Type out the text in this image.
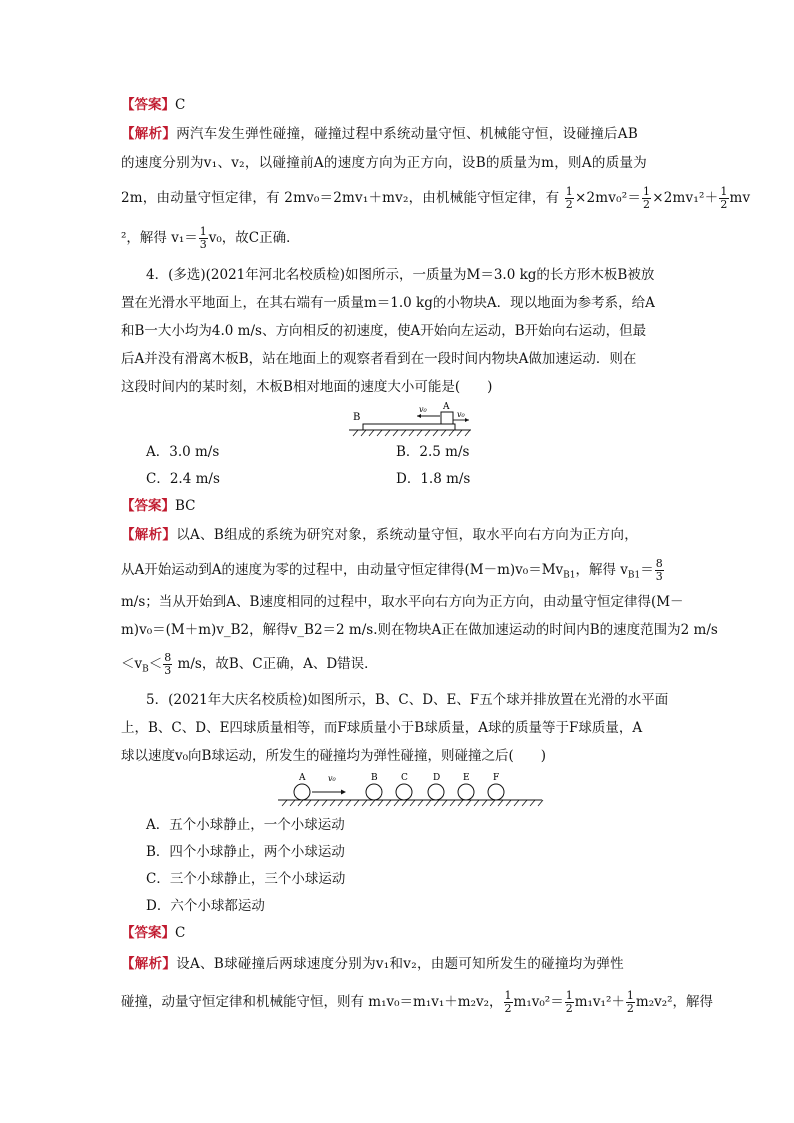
【答案】C
【解析】两汽车发生弹性碰撞，碰撞过程中系统动量守恒、机械能守恒，设碰撞后AB
的速度分别为v₁、v₂，以碰撞前A的速度方向为正方向，设B的质量为m，则A的质量为
2m，由动量守恒定律，有 2mv₀＝2mv₁＋mv₂，由机械能守恒定律，有 $\frac{1}{2} \times 2mv_0^2= \frac{1}{2} \times 2mv_1^2+ \frac{1}{2}$ mv
²，解得 $v_1= \frac{1}{3} v_0$，故C正确．
4．(多选)(2021年河北名校质检)如图所示，一质量为M＝3.0 kg的长方形木板B被放
置在光滑水平地面上，在其右端有一质量m＝1.0 kg的小物块A．现以地面为参考系，给A
和B一大小均为4.0 m/s、方向相反的初速度，使A开始向左运动，B开始向右运动，但最
后A并没有滑离木板B，站在地面上的观察者看到在一段时间内物块A做加速运动．则在
这段时间内的某时刻，木板B相对地面的速度大小可能是(　　)
B
A
v₀
v₀
A．3.0 m/s	B．2.5 m/s
C．2.4 m/s	D．1.8 m/s
【答案】BC
【解析】以A、B组成的系统为研究对象，系统动量守恒，取水平向右方向为正方向，
从A开始运动到A的速度为零的过程中，由动量守恒定律得$(M-m)v_0=Mv_{B1}$，解得 $v_{B1}= \frac{8}{3}$
m/s；当从开始到A、B速度相同的过程中，取水平向右方向为正方向，由动量守恒定律得(M－
m)v₀＝(M＋m)v_B2，解得v_B2＝2 m/s.则在物块A正在做加速运动的时间内B的速度范围为2 m/s
$<v_B< \frac{8}{3} m/s$，故B、C正确，A、D错误．
5．(2021年大庆名校质检)如图所示，B、C、D、E、F五个球并排放置在光滑的水平面
上，B、C、D、E四球质量相等，而F球质量小于B球质量，A球的质量等于F球质量，A
球以速度v₀向B球运动，所发生的碰撞均为弹性碰撞，则碰撞之后(　　)
v₀
A	B	C	D	E	F
A．五个小球静止，一个小球运动
B．四个小球静止，两个小球运动
C．三个小球静止，三个小球运动
D．六个小球都运动
【答案】C
【解析】设A、B球碰撞后两球速度分别为v₁和v₂，由题可知所发生的碰撞均为弹性
碰撞，动量守恒定律和机械能守恒，则有 m₁v₀＝m₁v₁＋m₂v₂， $\frac{1}{2} m_1v_0^2= \frac{1}{2} m_1v_1^2+ \frac{1}{2} m_2v_2^2$，解得
